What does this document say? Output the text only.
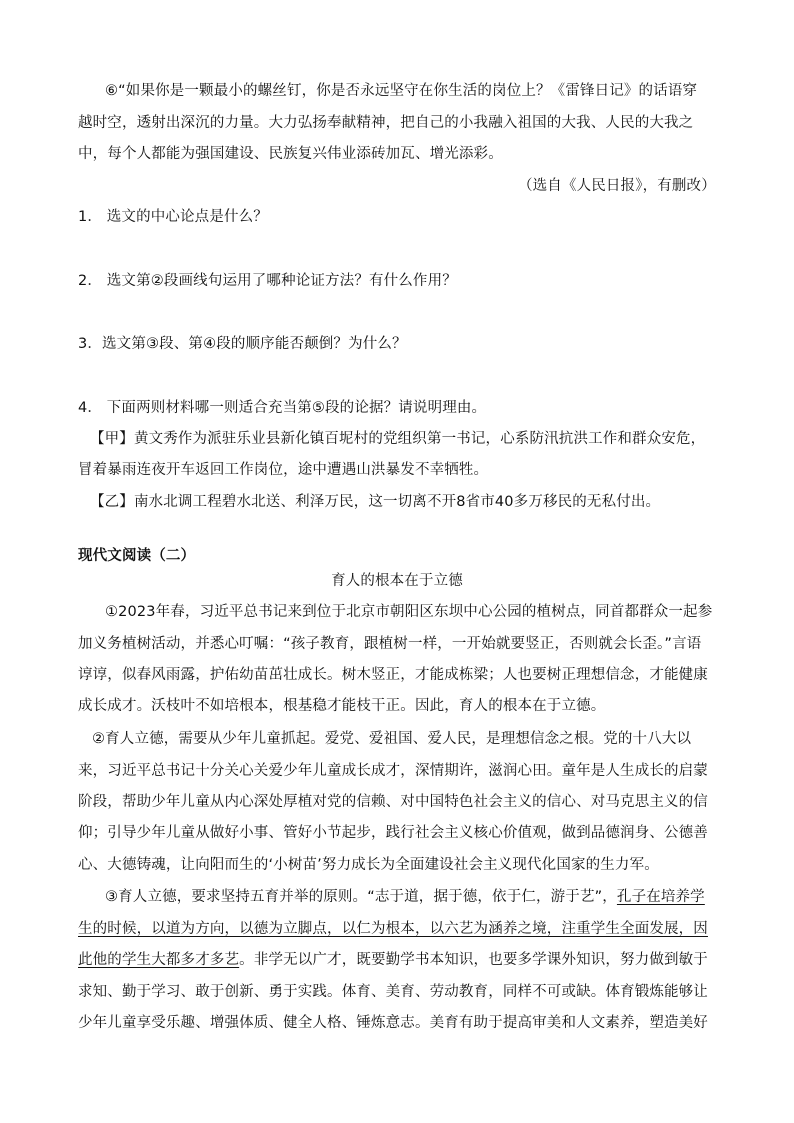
⑥“如果你是一颗最小的螺丝钉，你是否永远坚守在你生活的岗位上？《雷锋日记》的话语穿
越时空，透射出深沉的力量。大力弘扬奉献精神，把自己的小我融入祖国的大我、人民的大我之
中，每个人都能为强国建设、民族复兴伟业添砖加瓦、增光添彩。
（选自《人民日报》，有删改）
1． 选文的中心论点是什么？
2． 选文第②段画线句运用了哪种论证方法？有什么作用？
3．选文第③段、第④段的顺序能否颠倒？为什么？
4． 下面两则材料哪一则适合充当第⑤段的论据？请说明理由。
【甲】黄文秀作为派驻乐业县新化镇百坭村的党组织第一书记，心系防汛抗洪工作和群众安危，
冒着暴雨连夜开车返回工作岗位，途中遭遇山洪暴发不幸牺牲。
【乙】南水北调工程碧水北送、利泽万民，这一切离不开8省市40多万移民的无私付出。
现代文阅读（二）
育人的根本在于立德
①2023年春，习近平总书记来到位于北京市朝阳区东坝中心公园的植树点，同首都群众一起参
加义务植树活动，并悉心叮嘱：“孩子教育，跟植树一样，一开始就要竖正，否则就会长歪。”言语
谆谆，似春风雨露，护佑幼苗茁壮成长。树木竖正，才能成栋梁；人也要树正理想信念，才能健康
成长成才。沃枝叶不如培根本，根基稳才能枝干正。因此，育人的根本在于立德。
②育人立德，需要从少年儿童抓起。爱党、爱祖国、爱人民，是理想信念之根。党的十八大以
来，习近平总书记十分关心关爱少年儿童成长成才，深情期许，滋润心田。童年是人生成长的启蒙
阶段，帮助少年儿童从内心深处厚植对党的信赖、对中国特色社会主义的信心、对马克思主义的信
仰；引导少年儿童从做好小事、管好小节起步，践行社会主义核心价值观，做到品德润身、公德善
心、大德铸魂，让向阳而生的‘小树苗’努力成长为全面建设社会主义现代化国家的生力军。
③育人立德，要求坚持五育并举的原则。“志于道，据于德，依于仁，游于艺”，孔子在培养学
生的时候，以道为方向，以德为立脚点，以仁为根本，以六艺为涵养之境，注重学生全面发展，因
此他的学生大都多才多艺。非学无以广才，既要勤学书本知识，也要多学课外知识，努力做到敏于
求知、勤于学习、敢于创新、勇于实践。体育、美育、劳动教育，同样不可或缺。体育锻炼能够让
少年儿童享受乐趣、增强体质、健全人格、锤炼意志。美育有助于提高审美和人文素养，塑造美好
